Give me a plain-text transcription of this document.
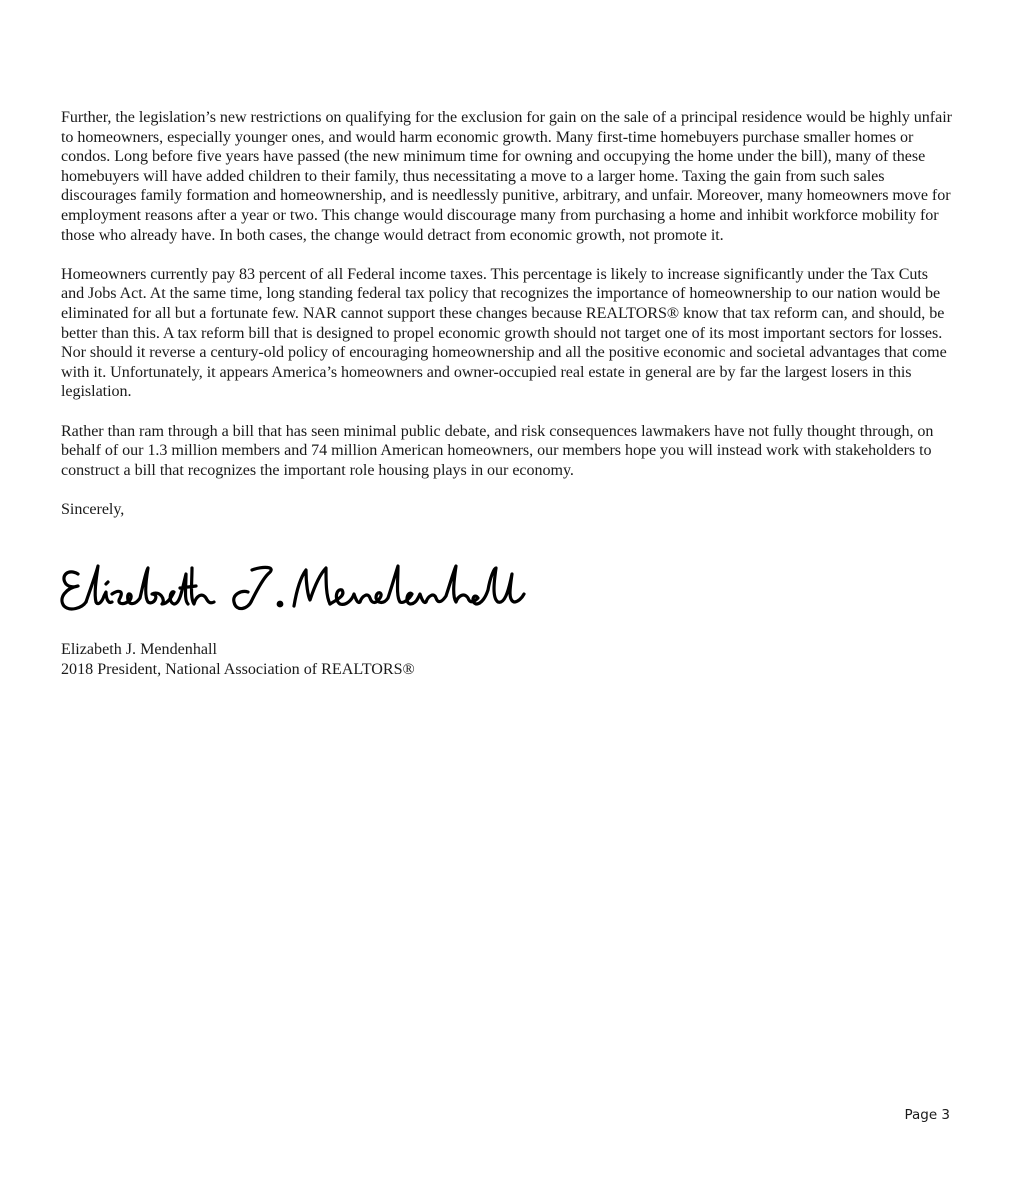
Further, the legislation’s new restrictions on qualifying for the exclusion for gain on the sale of a principal residence would be highly unfair to homeowners, especially younger ones, and would harm economic growth. Many first-time homebuyers purchase smaller homes or condos. Long before five years have passed (the new minimum time for owning and occupying the home under the bill), many of these homebuyers will have added children to their family, thus necessitating a move to a larger home. Taxing the gain from such sales discourages family formation and homeownership, and is needlessly punitive, arbitrary, and unfair. Moreover, many homeowners move for employment reasons after a year or two. This change would discourage many from purchasing a home and inhibit workforce mobility for those who already have. In both cases, the change would detract from economic growth, not promote it.

Homeowners currently pay 83 percent of all Federal income taxes. This percentage is likely to increase significantly under the Tax Cuts and Jobs Act. At the same time, long standing federal tax policy that recognizes the importance of homeownership to our nation would be eliminated for all but a fortunate few. NAR cannot support these changes because REALTORS® know that tax reform can, and should, be better than this. A tax reform bill that is designed to propel economic growth should not target one of its most important sectors for losses. Nor should it reverse a century-old policy of encouraging homeownership and all the positive economic and societal advantages that come with it. Unfortunately, it appears America’s homeowners and owner-occupied real estate in general are by far the largest losers in this legislation.

Rather than ram through a bill that has seen minimal public debate, and risk consequences lawmakers have not fully thought through, on behalf of our 1.3 million members and 74 million American homeowners, our members hope you will instead work with stakeholders to construct a bill that recognizes the important role housing plays in our economy.

Sincerely,

Elizabeth J. Mendenhall
2018 President, National Association of REALTORS®
Page 3
